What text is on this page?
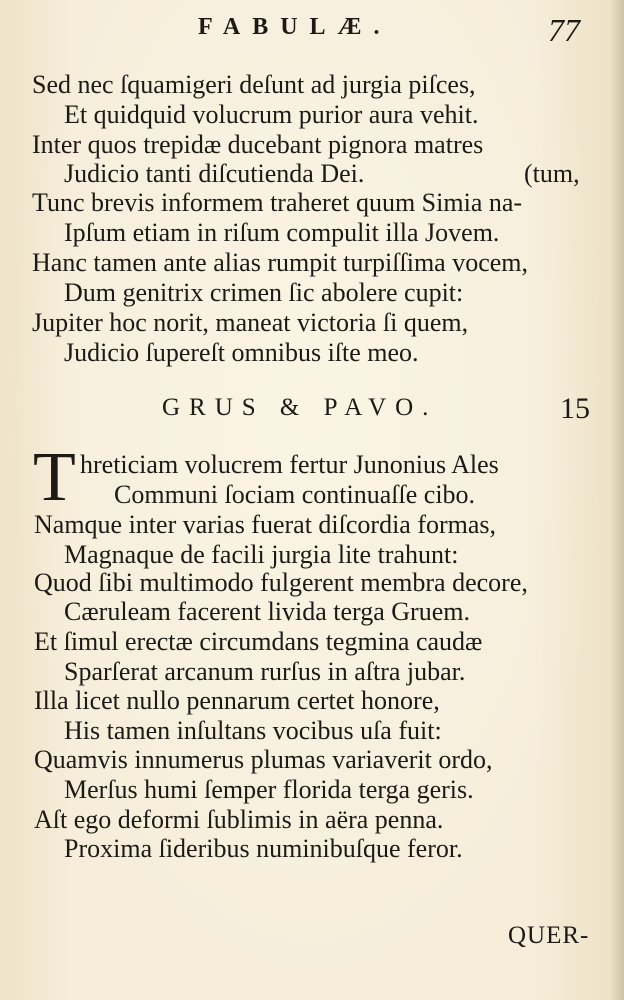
FABULÆ.	77
Sed nec ſquamigeri deſunt ad jurgia piſces,
Et quidquid volucrum purior aura vehit.
Inter quos trepidæ ducebant pignora matres
Judicio tanti diſcutienda Dei.	(tum,
Tunc brevis informem traheret quum Simia na-
Ipſum etiam in riſum compulit illa Jovem.
Hanc tamen ante alias rumpit turpiſſima vocem,
Dum genitrix crimen ſic abolere cupit:
Jupiter hoc norit, maneat victoria ſi quem,
Judicio ſupereſt omnibus iſte meo.
GRUS & PAVO.	15
T hreticiam volucrem fertur Junonius Ales
Communi ſociam continuaſſe cibo.
Namque inter varias fuerat diſcordia formas,
Magnaque de facili jurgia lite trahunt:
Quod ſibi multimodo fulgerent membra decore,
Cæruleam facerent livida terga Gruem.
Et ſimul erectæ circumdans tegmina caudæ
Sparſerat arcanum rurſus in aſtra jubar.
Illa licet nullo pennarum certet honore,
His tamen inſultans vocibus uſa fuit:
Quamvis innumerus plumas variaverit ordo,
Merſus humi ſemper florida terga geris.
Aſt ego deformi ſublimis in aëra penna.
Proxima ſideribus numinibuſque feror.
QUER-
